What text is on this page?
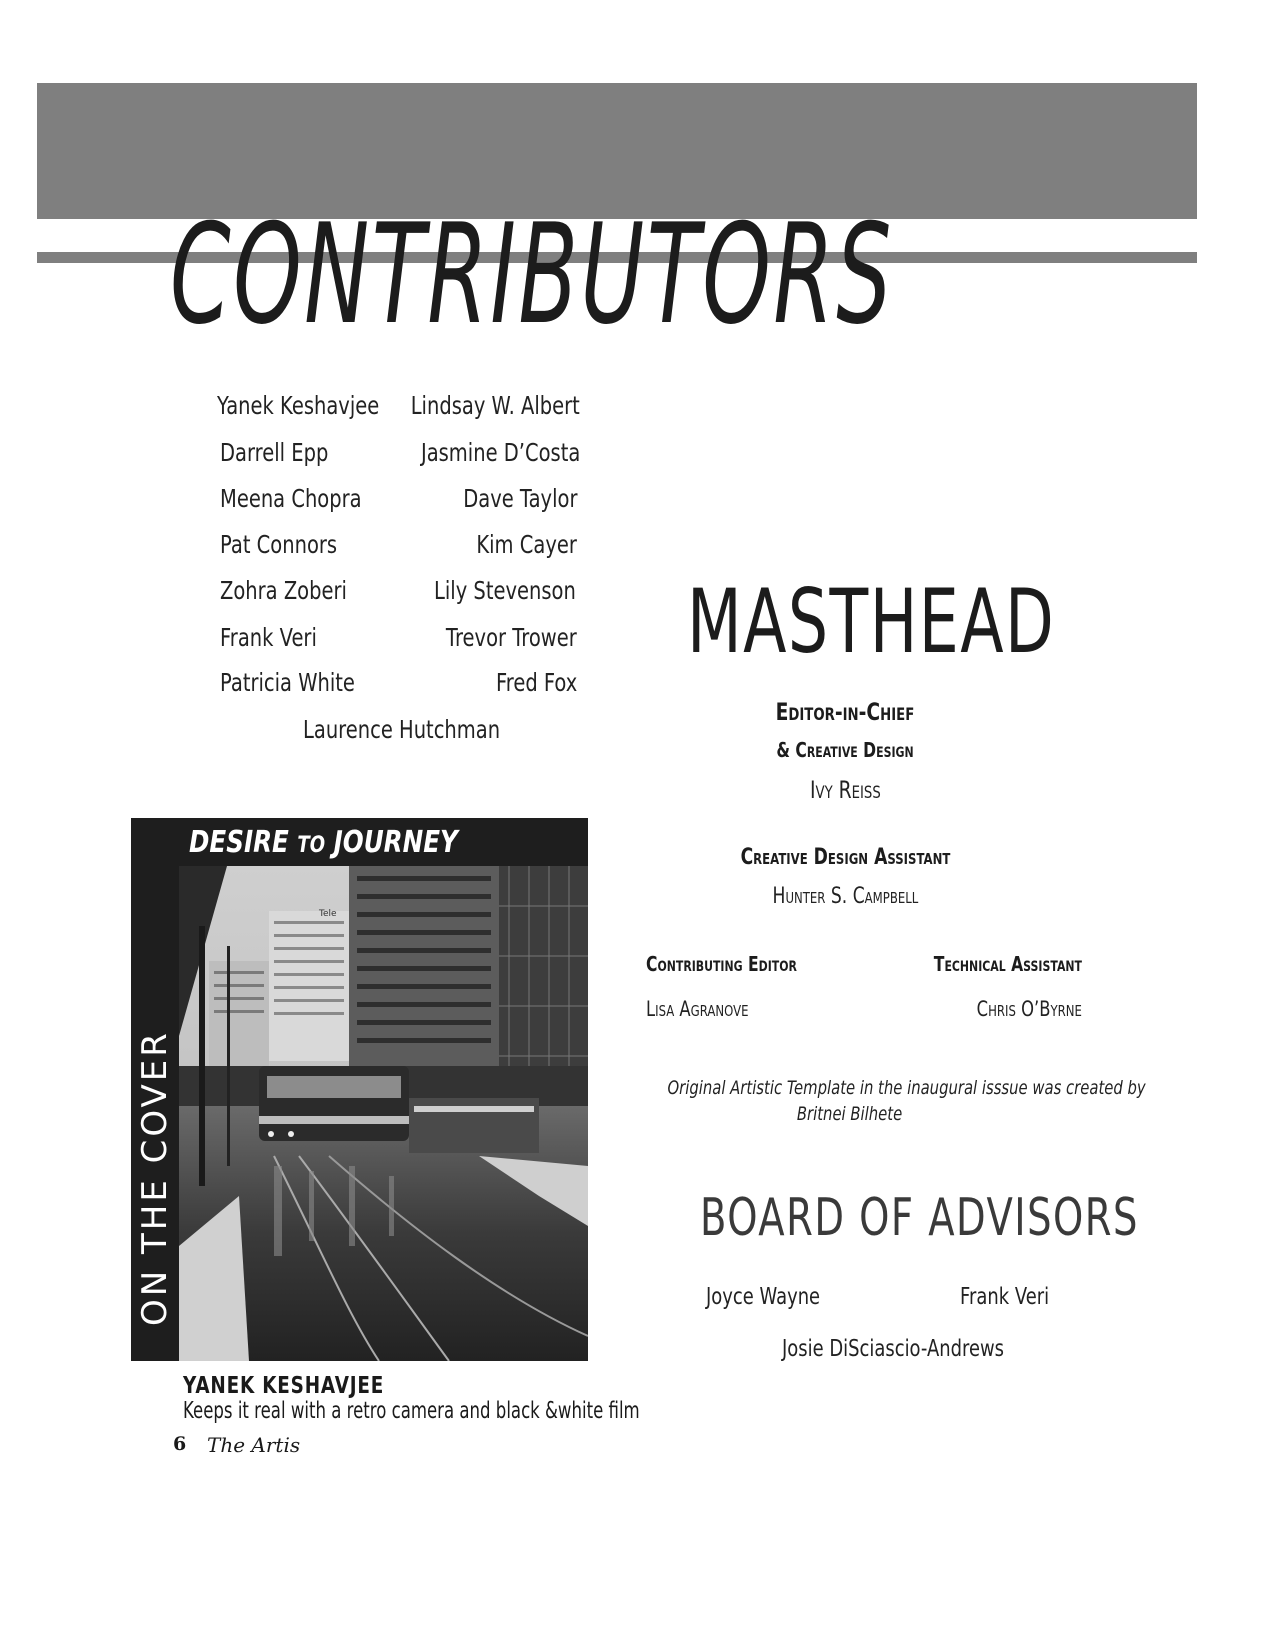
CONTRIBUTORS
Yanek Keshavjee
Darrell Epp
Meena Chopra
Pat Connors
Zohra Zoberi
Frank Veri
Patricia White
Lindsay W. Albert
Jasmine D’Costa
Dave Taylor
Kim Cayer
Lily Stevenson
Trevor Trower
Fred Fox
Laurence Hutchman
DESIRE TO JOURNEY
ON THE COVER
Tele
YANEK KESHAVJEE
Keeps it real with a retro camera and black &white film
6 The Artis
MASTHEAD
Editor-in-Chief
& Creative Design
Ivy Reiss
Creative Design Assistant
Hunter S. Campbell
Contributing Editor
Lisa Agranove
Technical Assistant
Chris O’Byrne
Original Artistic Template in the inaugural isssue was created by
Britnei Bilhete
BOARD OF ADVISORS
Joyce Wayne	Frank Veri
Josie DiSciascio-Andrews
